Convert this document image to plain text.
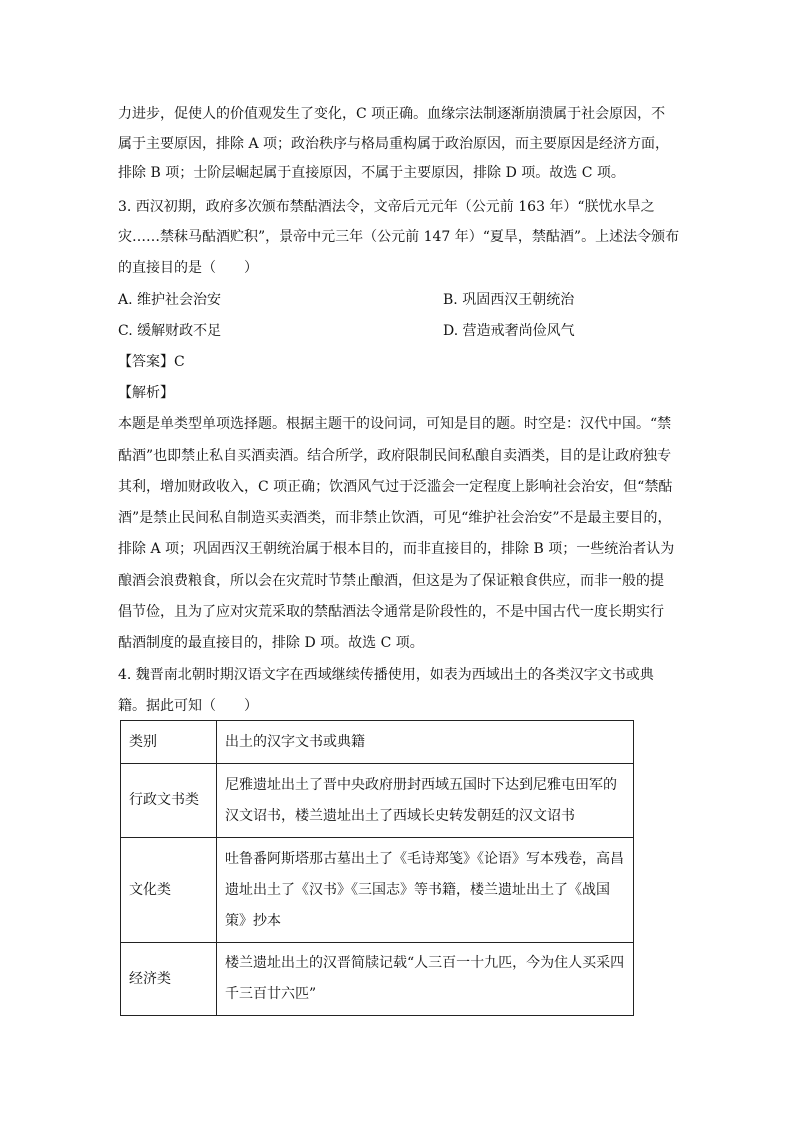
力进步，促使人的价值观发生了变化，C 项正确。血缘宗法制逐渐崩溃属于社会原因，不
属于主要原因，排除 A 项；政治秩序与格局重构属于政治原因，而主要原因是经济方面，
排除 B 项；士阶层崛起属于直接原因，不属于主要原因，排除 D 项。故选 C 项。
3. 西汉初期，政府多次颁布禁酤酒法令，文帝后元元年（公元前 163 年）“朕忧水旱之
灾……禁秣马酤酒贮积”，景帝中元三年（公元前 147 年）“夏旱，禁酤酒”。上述法令颁布
的直接目的是（　　）
A. 维护社会治安	B. 巩固西汉王朝统治
C. 缓解财政不足	D. 营造戒奢尚俭风气
【答案】C
【解析】
本题是单类型单项选择题。根据主题干的设问词，可知是目的题。时空是：汉代中国。“禁
酤酒”也即禁止私自买酒卖酒。结合所学，政府限制民间私酿自卖酒类，目的是让政府独专
其利，增加财政收入，C 项正确；饮酒风气过于泛滥会一定程度上影响社会治安，但“禁酤
酒”是禁止民间私自制造买卖酒类，而非禁止饮酒，可见“维护社会治安”不是最主要目的，
排除 A 项；巩固西汉王朝统治属于根本目的，而非直接目的，排除 B 项；一些统治者认为
酿酒会浪费粮食，所以会在灾荒时节禁止酿酒，但这是为了保证粮食供应，而非一般的提
倡节俭，且为了应对灾荒采取的禁酤酒法令通常是阶段性的，不是中国古代一度长期实行
酤酒制度的最直接目的，排除 D 项。故选 C 项。
4. 魏晋南北朝时期汉语文字在西域继续传播使用，如表为西域出土的各类汉字文书或典
籍。据此可知（　　）
类别	出土的汉字文书或典籍
行政文书类	尼雅遗址出土了晋中央政府册封西域五国时下达到尼雅屯田军的
汉文诏书，楼兰遗址出土了西域长史转发朝廷的汉文诏书

文化类	吐鲁番阿斯塔那古墓出土了《毛诗郑笺》《论语》写本残卷，高昌
遗址出土了《汉书》《三国志》等书籍，楼兰遗址出土了《战国
策》抄本

经济类	楼兰遗址出土的汉晋简牍记载“人三百一十九匹，今为住人买采四
千三百廿六匹”
